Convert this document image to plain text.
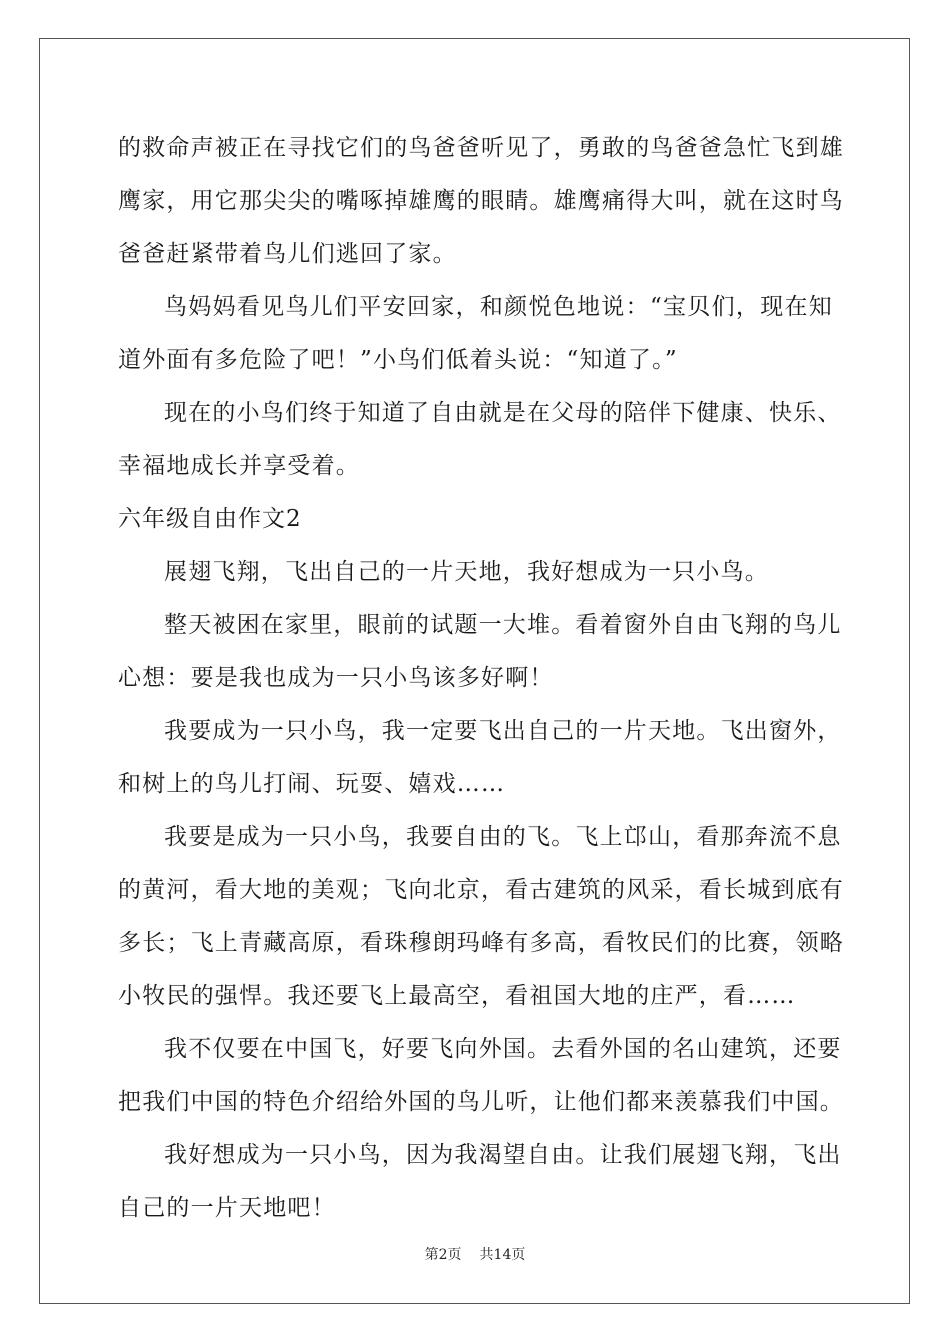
的救命声被正在寻找它们的鸟爸爸听见了，勇敢的鸟爸爸急忙飞到雄
鹰家，用它那尖尖的嘴啄掉雄鹰的眼睛。雄鹰痛得大叫，就在这时鸟
爸爸赶紧带着鸟儿们逃回了家。
鸟妈妈看见鸟儿们平安回家，和颜悦色地说：“宝贝们，现在知
道外面有多危险了吧！”小鸟们低着头说：“知道了。”
现在的小鸟们终于知道了自由就是在父母的陪伴下健康、快乐、
幸福地成长并享受着。
六年级自由作文2
展翅飞翔，飞出自己的一片天地，我好想成为一只小鸟。
整天被困在家里，眼前的试题一大堆。看着窗外自由飞翔的鸟儿
心想：要是我也成为一只小鸟该多好啊！
我要成为一只小鸟，我一定要飞出自己的一片天地。飞出窗外，
和树上的鸟儿打闹、玩耍、嬉戏……
我要是成为一只小鸟，我要自由的飞。飞上邙山，看那奔流不息
的黄河，看大地的美观；飞向北京，看古建筑的风采，看长城到底有
多长；飞上青藏高原，看珠穆朗玛峰有多高，看牧民们的比赛，领略
小牧民的强悍。我还要飞上最高空，看祖国大地的庄严，看……
我不仅要在中国飞，好要飞向外国。去看外国的名山建筑，还要
把我们中国的特色介绍给外国的鸟儿听，让他们都来羡慕我们中国。
我好想成为一只小鸟，因为我渴望自由。让我们展翅飞翔，飞出
自己的一片天地吧！
第2页 共14页
